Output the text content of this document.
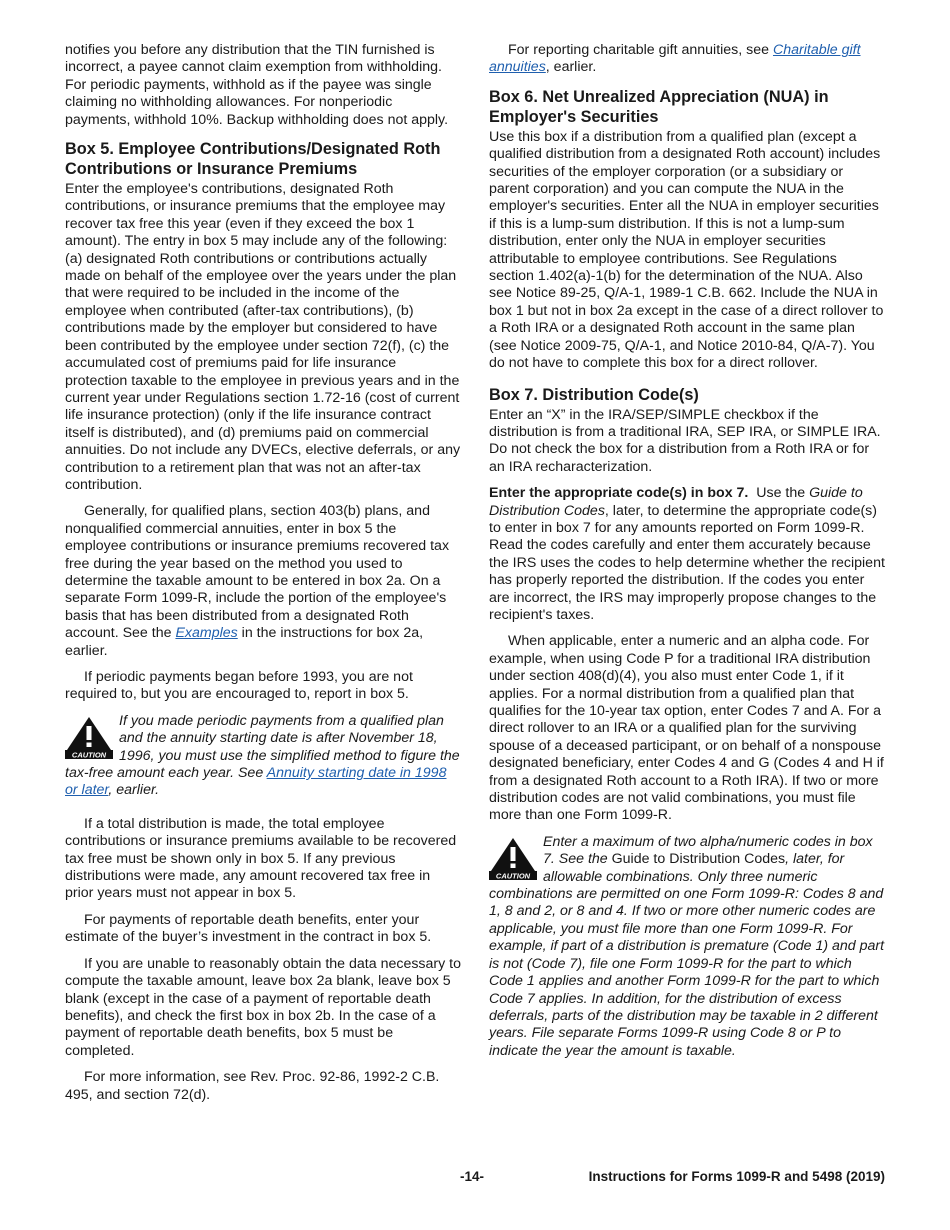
notifies you before any distribution that the TIN furnished is incorrect, a payee cannot claim exemption from withholding. For periodic payments, withhold as if the payee was single claiming no withholding allowances. For nonperiodic payments, withhold 10%. Backup withholding does not apply.

Box 5. Employee Contributions/Designated Roth Contributions or Insurance Premiums

Enter the employee's contributions, designated Roth contributions, or insurance premiums that the employee may recover tax free this year (even if they exceed the box 1 amount). The entry in box 5 may include any of the following: (a) designated Roth contributions or contributions actually made on behalf of the employee over the years under the plan that were required to be included in the income of the employee when contributed (after-tax contributions), (b) contributions made by the employer but considered to have been contributed by the employee under section 72(f), (c) the accumulated cost of premiums paid for life insurance protection taxable to the employee in previous years and in the current year under Regulations section 1.72-16 (cost of current life insurance protection) (only if the life insurance contract itself is distributed), and (d) premiums paid on commercial annuities. Do not include any DVECs, elective deferrals, or any contribution to a retirement plan that was not an after-tax contribution.

Generally, for qualified plans, section 403(b) plans, and nonqualified commercial annuities, enter in box 5 the employee contributions or insurance premiums recovered tax free during the year based on the method you used to determine the taxable amount to be entered in box 2a. On a separate Form 1099-R, include the portion of the employee's basis that has been distributed from a designated Roth account. See the Examples in the instructions for box 2a, earlier.

If periodic payments began before 1993, you are not required to, but you are encouraged to, report in box 5.

CAUTION
If you made periodic payments from a qualified plan and the annuity starting date is after November 18, 1996, you must use the simplified method to figure the tax-free amount each year. See Annuity starting date in 1998 or later, earlier.

If a total distribution is made, the total employee contributions or insurance premiums available to be recovered tax free must be shown only in box 5. If any previous distributions were made, any amount recovered tax free in prior years must not appear in box 5.

For payments of reportable death benefits, enter your estimate of the buyer’s investment in the contract in box 5.

If you are unable to reasonably obtain the data necessary to compute the taxable amount, leave box 2a blank, leave box 5 blank (except in the case of a payment of reportable death benefits), and check the first box in box 2b. In the case of a payment of reportable death benefits, box 5 must be completed.

For more information, see Rev. Proc. 92-86, 1992-2 C.B. 495, and section 72(d).

For reporting charitable gift annuities, see Charitable gift annuities, earlier.

Box 6. Net Unrealized Appreciation (NUA) in Employer's Securities

Use this box if a distribution from a qualified plan (except a qualified distribution from a designated Roth account) includes securities of the employer corporation (or a subsidiary or parent corporation) and you can compute the NUA in the employer's securities. Enter all the NUA in employer securities if this is a lump-sum distribution. If this is not a lump-sum distribution, enter only the NUA in employer securities attributable to employee contributions. See Regulations section 1.402(a)-1(b) for the determination of the NUA. Also see Notice 89-25, Q/A-1, 1989-1 C.B. 662. Include the NUA in box 1 but not in box 2a except in the case of a direct rollover to a Roth IRA or a designated Roth account in the same plan (see Notice 2009-75, Q/A-1, and Notice 2010-84, Q/A-7). You do not have to complete this box for a direct rollover.

Box 7. Distribution Code(s)

Enter an “X” in the IRA/SEP/SIMPLE checkbox if the distribution is from a traditional IRA, SEP IRA, or SIMPLE IRA. Do not check the box for a distribution from a Roth IRA or for an IRA recharacterization.

Enter the appropriate code(s) in box 7.  Use the Guide to Distribution Codes, later, to determine the appropriate code(s) to enter in box 7 for any amounts reported on Form 1099-R. Read the codes carefully and enter them accurately because the IRS uses the codes to help determine whether the recipient has properly reported the distribution. If the codes you enter are incorrect, the IRS may improperly propose changes to the recipient's taxes.

When applicable, enter a numeric and an alpha code. For example, when using Code P for a traditional IRA distribution under section 408(d)(4), you also must enter Code 1, if it applies. For a normal distribution from a qualified plan that qualifies for the 10-year tax option, enter Codes 7 and A. For a direct rollover to an IRA or a qualified plan for the surviving spouse of a deceased participant, or on behalf of a nonspouse designated beneficiary, enter Codes 4 and G (Codes 4 and H if from a designated Roth account to a Roth IRA). If two or more distribution codes are not valid combinations, you must file more than one Form 1099-R.

CAUTION
Enter a maximum of two alpha/numeric codes in box 7. See the Guide to Distribution Codes, later, for allowable combinations. Only three numeric combinations are permitted on one Form 1099-R: Codes 8 and 1, 8 and 2, or 8 and 4. If two or more other numeric codes are applicable, you must file more than one Form 1099-R. For example, if part of a distribution is premature (Code 1) and part is not (Code 7), file one Form 1099-R for the part to which Code 1 applies and another Form 1099-R for the part to which Code 7 applies. In addition, for the distribution of excess deferrals, parts of the distribution may be taxable in 2 different years. File separate Forms 1099-R using Code 8 or P to indicate the year the amount is taxable.
-14-	Instructions for Forms 1099-R and 5498 (2019)
